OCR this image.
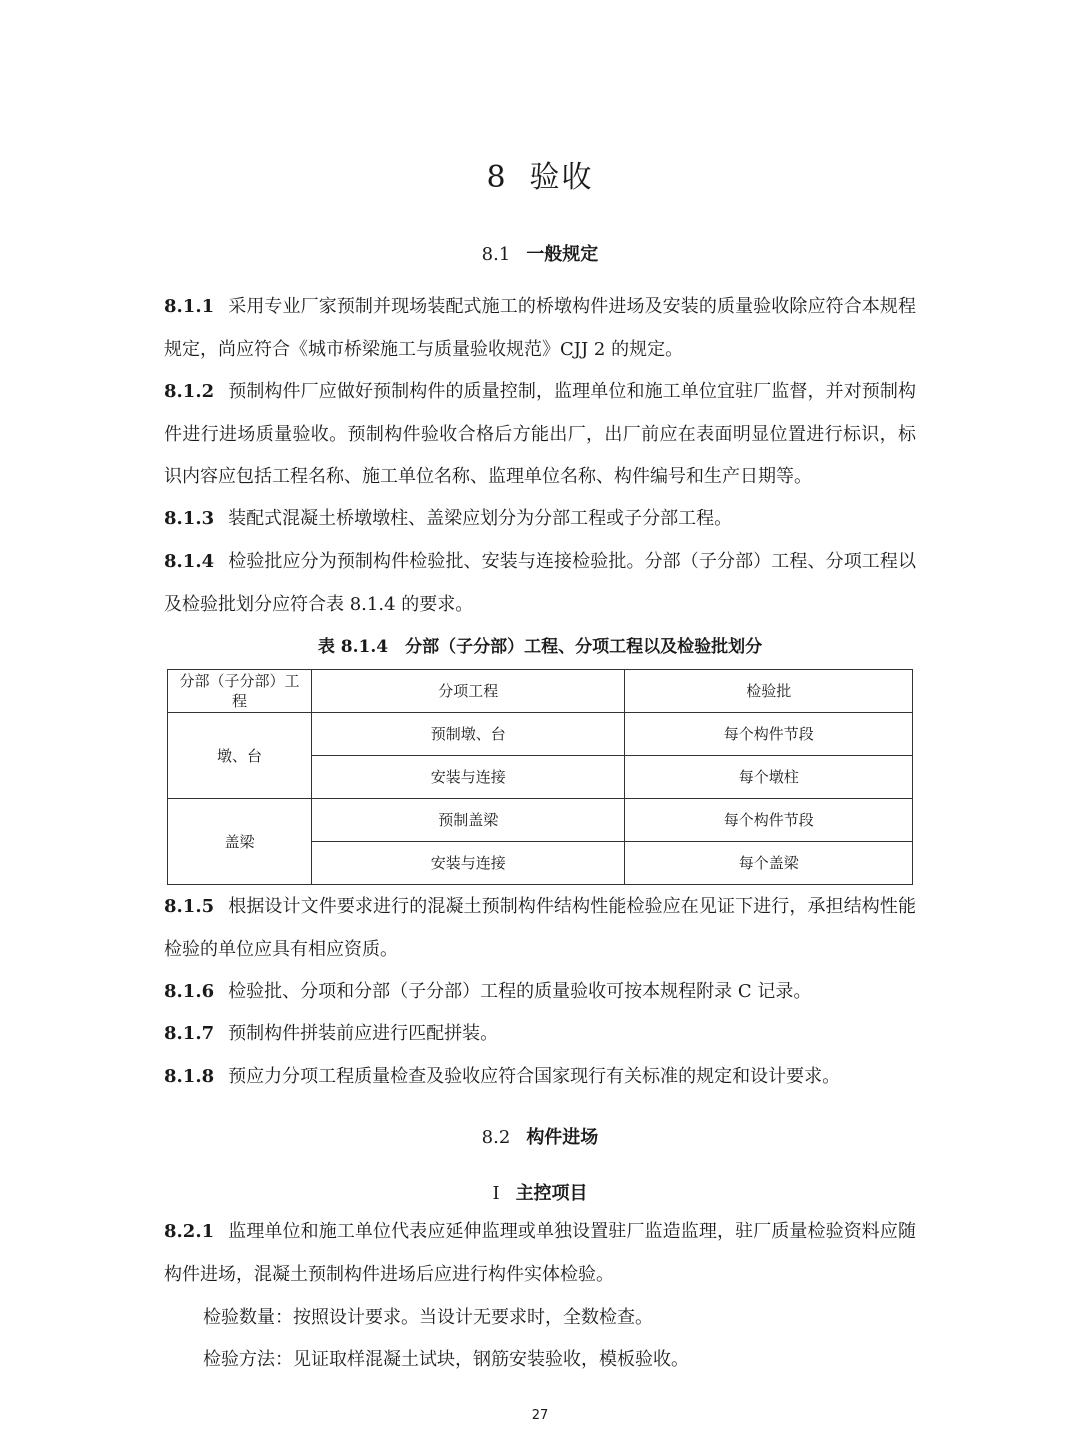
8 验收
8.1 一般规定
8.1.1 采用专业厂家预制并现场装配式施工的桥墩构件进场及安装的质量验收除应符合本规程规定，尚应符合《城市桥梁施工与质量验收规范》CJJ 2 的规定。
8.1.2 预制构件厂应做好预制构件的质量控制，监理单位和施工单位宜驻厂监督，并对预制构件进行进场质量验收。预制构件验收合格后方能出厂，出厂前应在表面明显位置进行标识，标识内容应包括工程名称、施工单位名称、监理单位名称、构件编号和生产日期等。
8.1.3 装配式混凝土桥墩墩柱、盖梁应划分为分部工程或子分部工程。
8.1.4 检验批应分为预制构件检验批、安装与连接检验批。分部（子分部）工程、分项工程以及检验批划分应符合表 8.1.4 的要求。
表 8.1.4　分部（子分部）工程、分项工程以及检验批划分
分部（子分部）工程	分项工程	检验批
墩、台	预制墩、台	每个构件节段
	安装与连接	每个墩柱
盖梁	预制盖梁	每个构件节段
	安装与连接	每个盖梁
8.1.5 根据设计文件要求进行的混凝土预制构件结构性能检验应在见证下进行，承担结构性能检验的单位应具有相应资质。
8.1.6 检验批、分项和分部（子分部）工程的质量验收可按本规程附录 C 记录。
8.1.7 预制构件拼装前应进行匹配拼装。
8.1.8 预应力分项工程质量检查及验收应符合国家现行有关标准的规定和设计要求。
8.2 构件进场
I 主控项目
8.2.1 监理单位和施工单位代表应延伸监理或单独设置驻厂监造监理，驻厂质量检验资料应随构件进场，混凝土预制构件进场后应进行构件实体检验。
检验数量：按照设计要求。当设计无要求时，全数检查。
检验方法：见证取样混凝土试块，钢筋安装验收，模板验收。
27
